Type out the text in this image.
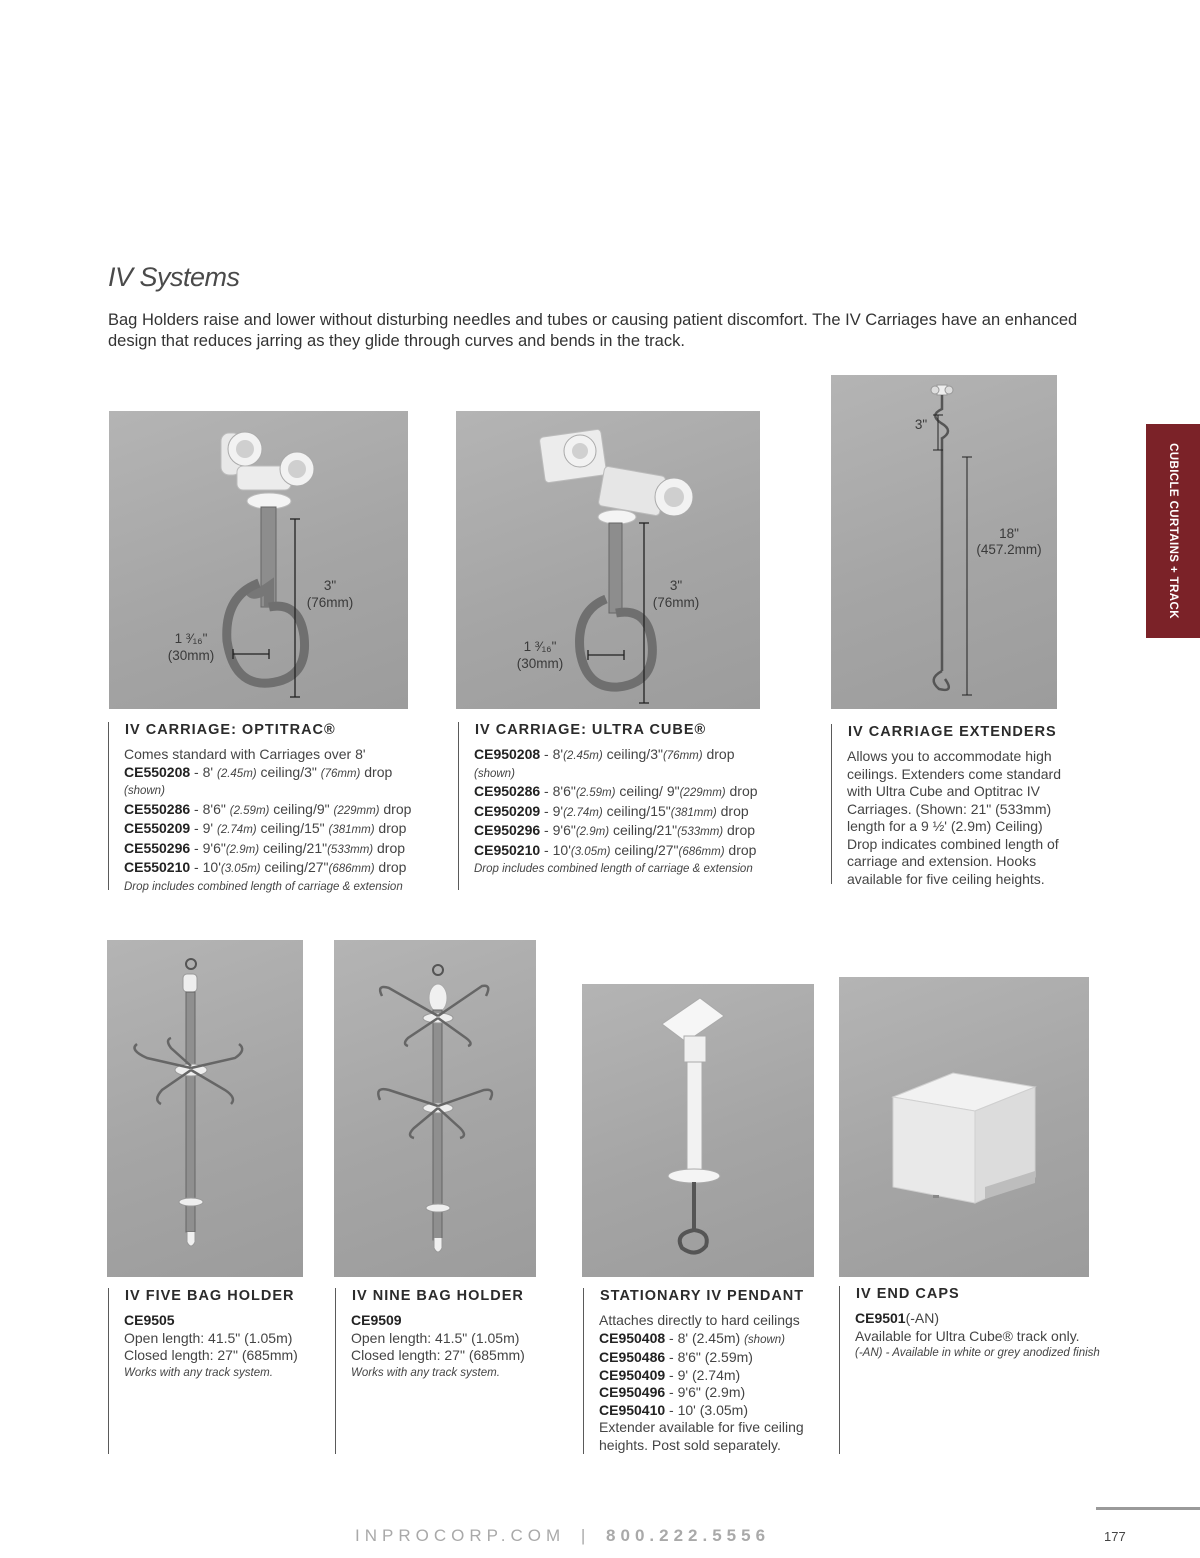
IV Systems
Bag Holders raise and lower without disturbing needles and tubes or causing patient discomfort. The IV Carriages have an enhanced design that reduces jarring as they glide through curves and bends in the track.
CUBICLE CURTAINS + TRACK
3"
(76mm)
1 ³⁄₁₆"
(30mm)
3"
(76mm)
1 ³⁄₁₆"
(30mm)
3"
18"
(457.2mm)
IV CARRIAGE: OPTITRAC®
Comes standard with Carriages over 8'
CE550208 - 8' (2.45m) ceiling/3" (76mm) drop
(shown)
CE550286 - 8'6" (2.59m) ceiling/9" (229mm) drop
CE550209 - 9' (2.74m) ceiling/15" (381mm) drop
CE550296 - 9'6"(2.9m) ceiling/21"(533mm) drop
CE550210 - 10'(3.05m) ceiling/27"(686mm) drop
Drop includes combined length of carriage & extension
IV CARRIAGE: ULTRA CUBE®
CE950208 - 8'(2.45m) ceiling/3"(76mm) drop
(shown)
CE950286 - 8'6"(2.59m) ceiling/ 9"(229mm) drop
CE950209 - 9'(2.74m) ceiling/15"(381mm) drop
CE950296 - 9'6"(2.9m) ceiling/21"(533mm) drop
CE950210 - 10'(3.05m) ceiling/27"(686mm) drop
Drop includes combined length of carriage & extension
IV CARRIAGE EXTENDERS
Allows you to accommodate high ceilings. Extenders come standard with Ultra Cube and Optitrac IV Carriages. (Shown: 21" (533mm) length for a 9 ½' (2.9m) Ceiling) Drop indicates combined length of carriage and extension. Hooks available for five ceiling heights.
IV FIVE BAG HOLDER
CE9505
Open length: 41.5" (1.05m)
Closed length: 27" (685mm)
Works with any track system.
IV NINE BAG HOLDER
CE9509
Open length: 41.5" (1.05m)
Closed length: 27" (685mm)
Works with any track system.
STATIONARY IV PENDANT
Attaches directly to hard ceilings
CE950408 - 8' (2.45m) (shown)
CE950486 - 8'6" (2.59m)
CE950409 - 9' (2.74m)
CE950496 - 9'6" (2.9m)
CE950410 - 10' (3.05m)
Extender available for five ceiling heights. Post sold separately.
IV END CAPS
CE9501(-AN)
Available for Ultra Cube® track only.
(-AN) - Available in white or grey anodized finish
INPROCORP.COM | 800.222.5556	177
